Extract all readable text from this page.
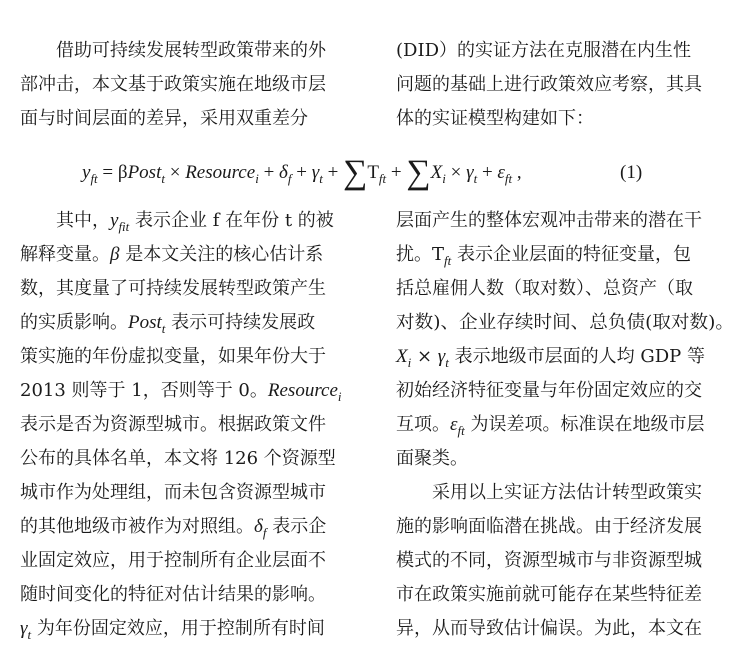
　　借助可持续发展转型政策带来的外
部冲击，本文基于政策实施在地级市层
面与时间层面的差异，采用双重差分
(DID）的实证方法在克服潜在内生性
问题的基础上进行政策效应考察，其具
体的实证模型构建如下：
$y_{ft}$ = βPost$_t$ × Resource$_i$ + $\delta_f + \gamma_t + \sum T_{ft} + \sum X_i \times \gamma_t + \varepsilon_{ft}$ ,	(1)
　　其中，$y_{fit}$ 表示企业 f 在年份 t 的被
解释变量。β 是本文关注的核心估计系
数，其度量了可持续发展转型政策产生
的实质影响。Post$_t$ 表示可持续发展政
策实施的年份虚拟变量，如果年份大于
2013 则等于 1，否则等于 0。Resource$_i$
表示是否为资源型城市。根据政策文件
公布的具体名单，本文将 126 个资源型
城市作为处理组，而未包含资源型城市
的其他地级市被作为对照组。$\delta_f$ 表示企
业固定效应，用于控制所有企业层面不
随时间变化的特征对估计结果的影响。
$\gamma_t$ 为年份固定效应，用于控制所有时间
层面产生的整体宏观冲击带来的潜在干
扰。$T_{ft}$ 表示企业层面的特征变量，包
括总雇佣人数（取对数）、总资产（取
对数)、企业存续时间、总负债(取对数)。
$X_i \times \gamma_t$ 表示地级市层面的人均 GDP 等
初始经济特征变量与年份固定效应的交
互项。$\varepsilon_{ft}$ 为误差项。标准误在地级市层
面聚类。
　　采用以上实证方法估计转型政策实
施的影响面临潜在挑战。由于经济发展
模式的不同，资源型城市与非资源型城
市在政策实施前就可能存在某些特征差
异，从而导致估计偏误。为此，本文在
